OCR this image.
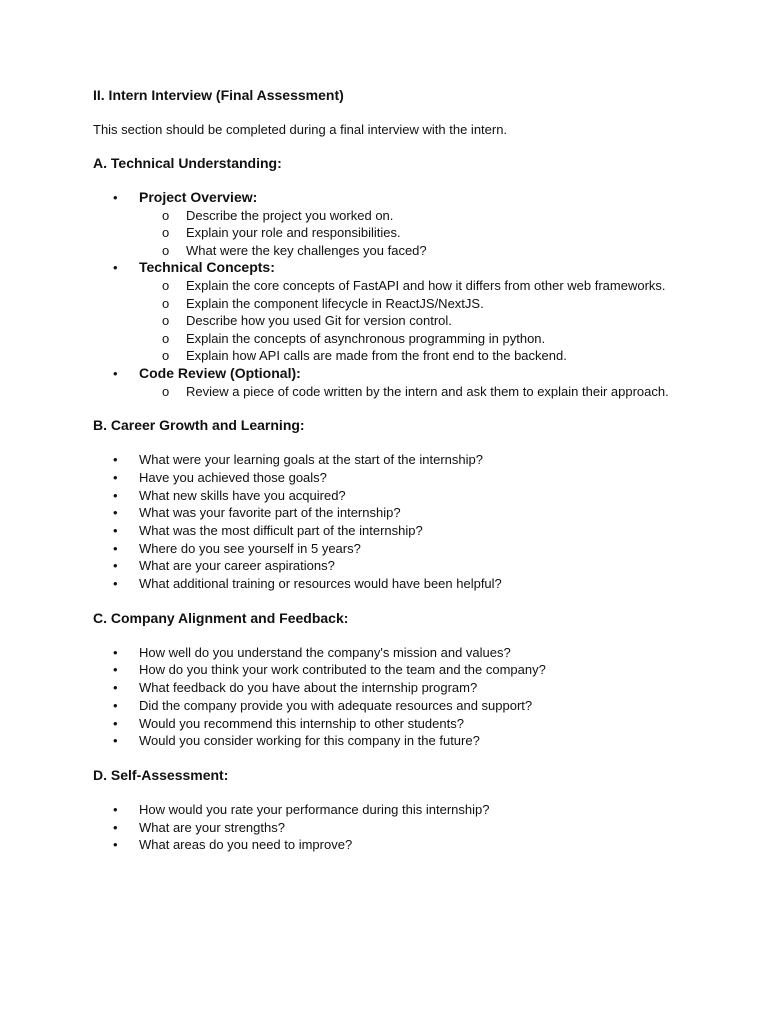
II. Intern Interview (Final Assessment)

This section should be completed during a final interview with the intern.

A. Technical Understanding:
• Project Overview:
o Describe the project you worked on.
o Explain your role and responsibilities.
o What were the key challenges you faced?
• Technical Concepts:
o Explain the core concepts of FastAPI and how it differs from other web frameworks.
o Explain the component lifecycle in ReactJS/NextJS.
o Describe how you used Git for version control.
o Explain the concepts of asynchronous programming in python.
o Explain how API calls are made from the front end to the backend.
• Code Review (Optional):
o Review a piece of code written by the intern and ask them to explain their approach.
B. Career Growth and Learning:
• What were your learning goals at the start of the internship?
• Have you achieved those goals?
• What new skills have you acquired?
• What was your favorite part of the internship?
• What was the most difficult part of the internship?
• Where do you see yourself in 5 years?
• What are your career aspirations?
• What additional training or resources would have been helpful?
C. Company Alignment and Feedback:
• How well do you understand the company's mission and values?
• How do you think your work contributed to the team and the company?
• What feedback do you have about the internship program?
• Did the company provide you with adequate resources and support?
• Would you recommend this internship to other students?
• Would you consider working for this company in the future?
D. Self-Assessment:
• How would you rate your performance during this internship?
• What are your strengths?
• What areas do you need to improve?
